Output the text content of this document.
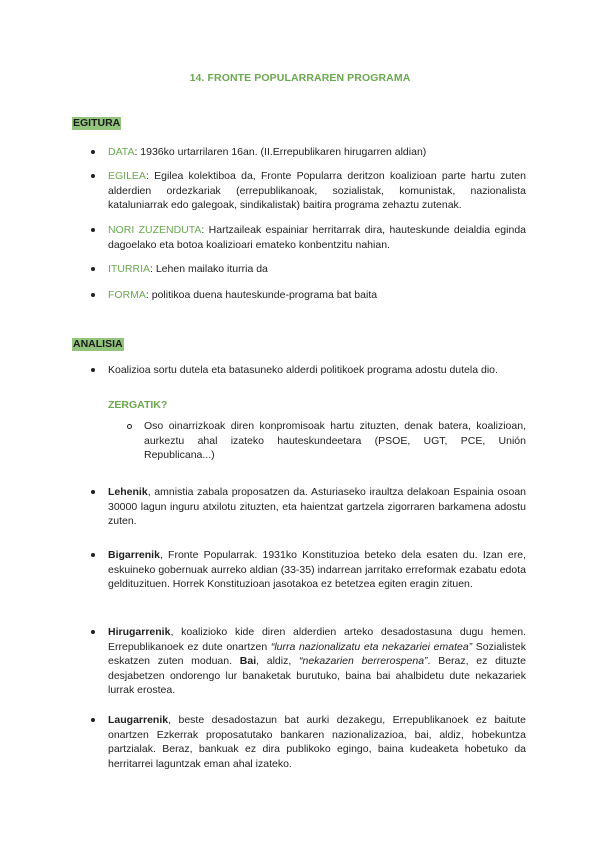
14. FRONTE POPULARRAREN PROGRAMA
EGITURA
DATA: 1936ko urtarrilaren 16an. (II.Errepublikaren hirugarren aldian)
EGILEA: Egilea kolektiboa da, Fronte Popularra deritzon koalizioan parte hartu zuten alderdien ordezkariak (errepublikanoak, sozialistak, komunistak, nazionalista kataluniarrak edo galegoak, sindikalistak) baitira programa zehaztu zutenak.
NORI ZUZENDUTA: Hartzaileak espainiar herritarrak dira, hauteskunde deialdia egindа dagoelako eta botoa koalizioari emateko konbentzitu nahian.
ITURRIA: Lehen mailako iturria da
FORMA: politikoa duena hauteskunde-programa bat baita
ANALISIA
Koalizioa sortu dutela eta batasuneko alderdi politikoek programa adostu dutela dio.
ZERGATIK?
Oso oinarrizkoak diren konpromisoak hartu zituzten, denak batera, koalizioan, aurkeztu ahal izateko hauteskundeetara (PSOE, UGT, PCE, Unión Republicana...)
Lehenik, amnistia zabala proposatzen da. Asturiaseko iraultza delakoan Espainia osoan 30000 lagun inguru atxilotu zituzten, eta haientzat gartzela zigorraren barkamena adostu zuten.
Bigarrenik, Fronte Popularrak. 1931ko Konstituzioa beteko dela esaten du. Izan ere, eskuineko gobernuak aurreko aldian (33-35) indarrean jarritako erreformak ezabatu edota geldituzituen. Horrek Konstituzioan jasotakoa ez betetzea egiten eragin zituen.
Hirugarrenik, koalizioko kide diren alderdien arteko desadostasuna dugu hemen. Errepublikanoek ez dute onartzen “lurra nazionalizatu eta nekazariei ematea” Sozialistek eskatzen zuten moduan. Bai, aldiz, “nekazarien berrerospena”. Beraz, ez dituzte desjabetzen ondorengo lur banaketak burutuko, baina bai ahalbidetu dute nekazariek lurrak erostea.
Laugarrenik, beste desadostazun bat aurki dezakegu, Errepublikanoek ez baitute onartzen Ezkerrak proposatutako bankaren nazionalizazioa, bai, aldiz, hobekuntza partzialak. Beraz, bankuak ez dira publikoko egingo, baina kudeaketa hobetuko da herritarrei laguntzak eman ahal izateko.
